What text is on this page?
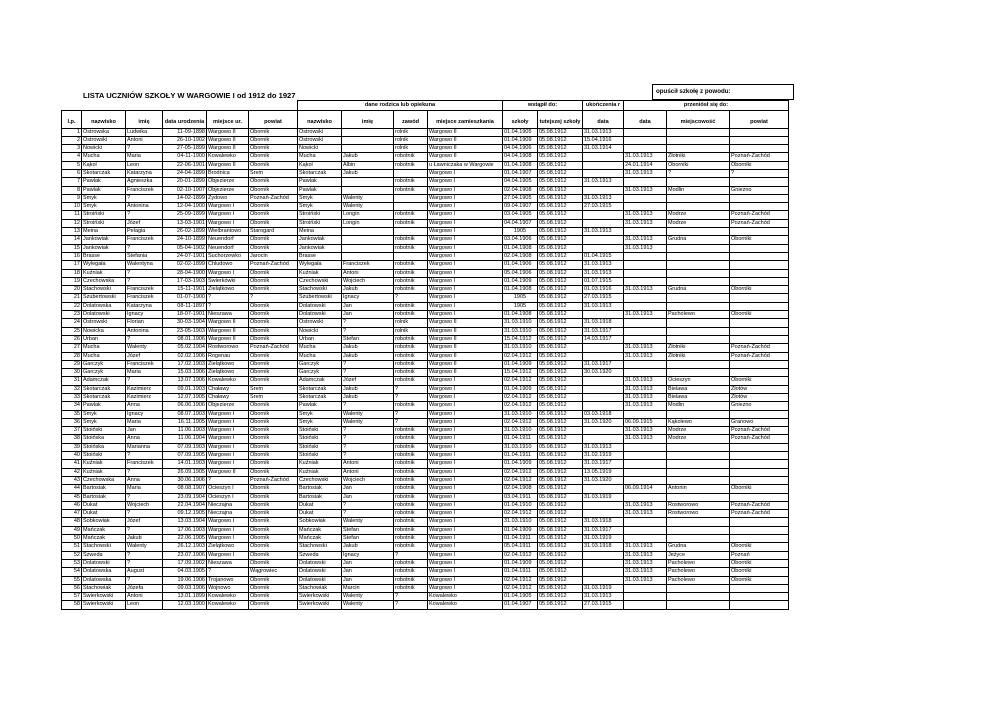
LISTA UCZNIÓW SZKOŁY W WARGOWIE I od 1912 do 1927	opuścił szkołę z powodu:
						dane rodzica lub opiekuna				wstąpił do:		ukończenia r	przeniósł się do:		
l.p.	nazwisko	imię	data urodzenia	miejsce ur.	powiat	nazwisko	imię	zawód	miejsce zamieszkania	szkoły	tutejszej szkoły	data	data	miejscowość	powiat
1	Ostrowska	Ludwika	11-09-1898	Wargowo II	Obornik	Ostrowski		rolnik	Wargowo II	01.04.1905	05.08.1912	31.03.1913			
2	Ostrowski	Antoni	26-10-1902	Wargowo II	Obornik	Ostrowski		rolnik	Wargowo II	01.04.1909	05.08.1912	15.04.1916			
3	Nowicki	?	27-05-1899	Wargowo II	Obornik	Nowicki		rolnik	Wargowo II	04.04.1906	05.08.1912	31.03.1914			
4	Mucha	Maria	04-11-1900	Kowalewko	Obornik	Mucha	Jakub	robotnik	Wargowo II	04.04.1908	05.08.1912		31.03.1913	Złotniki	Poznań-Zachód
5	Kąkol	Leon	22-06-1901	Wargowo II	Obornik	Kąkol	Albin	robotnik	u Ławniczaka w Wargowie	01.04.1908	05.08.1912		24.01.1914	Oborniki	Oborniki
6	Skotarczak	Katarzyna	24-04-1899	Brodnica	Śrem	Skotarczak	Jakub		Wargowo I	01.04.1907	05.08.1912		31.03.1913	?	?
7	Pawlak	Agnieszka	20-01-1899	Objezierze	Obornik	Pawlak		robotnik	Wargowo I	04.04.1905	05.08.1912	31.03.1913			
8	Pawlak	Franciszek	02-10-1907	Objezierze	Obornik	Pawlak		robotnik	Wargowo I	02.04.1908	05.08.1912		31.03.1913	Modlin	Gniezno
9	Smyk	?	14-02-1899	Żydowo	Poznań-Zachód	Smyk	Walenty		Wargowo I	27.04.1905	05.08.1912	31.03.1913			
10	Smyk	Antonina	12-04-1900	Wargowo I	Obornik	Smyk	Walenty		Wargowo I	09.04.1907	05.08.1912	27.03.1915			
11	Stroiński	?	25-09-1899	Wargowo I	Obornik	Stroiński	Longin	robotnik	Wargowo I	03.04.1905	05.08.1912		31.03.1913	Modrze	Poznań-Zachód
12	Stroiński	Józef	13-03-1901	Wargowo I	Obornik	Stroiński	Longin	robotnik	Wargowo I	04.04.1907	05.08.1912		31.03.1913	Modrze	Poznań-Zachód
13	Meina	Pelagia	26-02-1899	Wielbrantowo	Starogard	Meina			Wargowo I	1905	05.08.1912	31.03.1913			
14	Jankowiak	Franciszek	24-10-1899	Neuendorf	Obornik	Jankowiak		robotnik	Wargowo I	03.04.1906	05.08.1912		31.03.1913	Grudna	Oborniki
15	Jankowiak	?	05-04-1902	Neuendorf	Obornik	Jankowiak		robotnik	Wargowo I	01.04.1908	05.08.1912		31.03.1913		
16	Brasse	Stefania	24-07-1901	Suchorzewko	Jarocin	Brasse			Wargowo I	02.04.1908	05.08.1912	01.04.1915			
17	Wylegała	Walentyna	02-02-1899	Chludowo	Poznań-Zachód	Wylegała	Franciszek	robotnik	Wargowo I	01.04.1906	05.08.1912	31.03.1913			
18	Kuźniak	?	28-04-1900	Wargowo I	Obornik	Kuźniak	Antoni	robotnik	Wargowo I	05.04.1906	05.08.1912	31.03.1913			
19	Czechowska	?	17-03-1903	Świerkówki	Obornik	Czechowski	Wojciech	robotnik	Wargowo I	01.04.1909	05.08.1912	01.07.1915			
20	Stachowski	Franciszek	15-11-1901	Zielątkowo	Obornik	Stachowski	Jakub	robotnik	Wargowo I	01.04.1908	05.08.1912	01.03.1916	31.03.1913	Grudna	Oborniki
21	Szubertowski	Franciszek	01-07-1900	?	?	Szubertowski	Ignacy	?	Wargowo I	1905	05.08.1912	27.03.1915			
22	Dolatowska	Katarzyna	08-11-1897	?	Obornik	Dolatowski	Jan	robotnik	Wargowo I	1905	05.08.1912	31.03.1913			
23	Dolatowski	Ignacy	18-07-1901	Nieszawa	Obornik	Dolatowski	Jan	robotnik	Wargowo I	01.04.1908	05.08.1912		31.03.1913	Pacholewo	Oborniki
24	Ostrowski	Florian	30-03-1904	Wargowo II	Obornik	Ostrowski	?	rolnik	Wargowo II	31.03.1910	05.08.1912	31.03.1918			
25	Nowicka	Antonina	23-05-1903	Wargowo II	Obornik	Nowicki	?	rolnik	Wargowo II	31.03.1910	05.08.1912	31.03.1917			
26	Urban	?	08.01.1906	Wargowo II	Obornik	Urban	Stefan	robotnik	Wargowo II	15.04.1912	05.08.1912	14.03.1917			
27	Mucha	Walenty	05.02.1904	Rostworowo	Poznań-Zachód	Mucha	Jakub	robotnik	Wargowo II	31.03.1910	05.08.1912		31.03.1913	Złotniki	Poznań-Zachód
28	Mucha	Józef	02.02.1906	Rogenau	Obornik	Mucha	Jakub	robotnik	Wargowo II	02.04.1912	05.08.1912		31.03.1913	Złotniki	Poznań-Zachód
29	Garczyk	Franciszek	17.02.1903	Zielątkowo	Obornik	Garczyk	?	robotnik	Wargowo II	01.04.1909	05.08.1912	31.03.1917			
30	Garczyk	Maria	15.03.1906	Zielątkowo	Obornik	Garczyk	?	robotnik	Wargowo II	15.04.1912	05.08.1912	30.03.1920			
31	Adamczak	?	13.07.1906	Kowalewko	Obornik	Adamczak	Józef	robotnik	Wargowo I	02.04.1912	05.08.1912		31.03.1913	Ocieszyn	Oborniki
32	Skotarczak	Kazimierz	09.01.1903	Chaławy	Śrem	Skotarczak	Jakub	?	Wargowo I	01.04.1909	05.08.1912		31.03.1913	Bielawa	Złotów
33	Skotarczak	Kazimierz	12.07.1905	Chaławy	Śrem	Skotarczak	Jakub	?	Wargowo I	02.04.1912	05.08.1912		31.03.1913	Bielawa	Złotów
34	Pawlak	Anna	06.06.1906	Objezierze	Obornik	Pawlak	?	robotnik	Wargowo I	02.04.1912	05.08.1912		31.03.1913	Modlin	Gniezno
35	Smyk	Ignacy	08.07.1903	Wargowo I	Obornik	Smyk	Walenty	?	Wargowo I	31.03.1910	05.08.1912	03.03.1918			
36	Smyk	Maria	16.11.1905	Wargowo I	Obornik	Smyk	Walenty	?	Wargowo I	02.04.1912	05.08.1912	31.03.1920	06.09.1915	Kąkolewo	Granowo
37	Stoiński	Jan	11.06.1903	Wargowo I	Obornik	Stoiński	?	robotnik	Wargowo I	31.03.1910	05.08.1912		31.03.1913	Modrze	Poznań-Zachód
38	Stoińska	Anna	11.06.1904	Wargowo I	Obornik	Stoiński	?	robotnik	Wargowo I	01.04.1911	05.08.1912		31.03.1913	Modrze	Poznań-Zachód
39	Stoińska	Marianna	07.09.1903	Wargowo I	Obornik	Stoiński	?	robotnik	Wargowo I	31.03.1910	05.08.1912	31.03.1913			
40	Stoiński	?	07.09.1905	Wargowo I	Obornik	Stoiński	?	robotnik	Wargowo I	01.04.1911	05.08.1912	31.02.1919			
41	Kuźniak	Franciszek	14.01.1903	Wargowo I	Obornik	Kuźniak	Antoni	robotnik	Wargowo I	01.04.1909	05.08.1912	31.03.1917			
42	Kuźniak	?	26.09.1905	Wargowo II	Obornik	Kuźniak	Antoni	robotnik	Wargowo I	02.04.1912	05.08.1912	13.05.1919			
43	Czechowska	Anna	30.06.1906	?	Poznań-Zachód	Czechowski	Wojciech	robotnik	Wargowo I	02.04.1912	05.08.1912	31.03.1920			
44	Bartosiak	Maria	08.08.1907	Ocieszyn I	Obornik	Bartosiak	Jan	robotnik	Wargowo I	02.04.1908	05.08.1912		06.09.1914	Antonin	Oborniki
45	Bartosiak	?	23.09.1904	Ocieszyn I	Obornik	Bartosiak	Jan	robotnik	Wargowo I	03.04.1911	05.08.1912	31.03.1919			
46	Dukat	Wojciech	22.04.1904	Nieczajna	Obornik	Dukat	?	robotnik	Wargowo I	01.04.1910	05.08.1912		31.03.1913	Rostworowo	Poznań-Zachód
47	Dukat	?	09.12.1905	Nieczajna	Obornik	Dukat	?	robotnik	Wargowo I	02.04.1912	05.08.1912		31.03.1913	Rostworowo	Poznań-Zachód
48	Sobkowiak	Józef	13.03.1904	Wargowo I	Obornik	Sobkowiak	Walenty	robotnik	Wargowo I	31.03.1910	05.08.1912	31.03.1918			
49	Mańczak	?	17.06.1903	Wargowo I	Obornik	Mańczak	Stefan	robotnik	Wargowo I	01.04.1909	05.08.1912	31.03.1917			
50	Mańczak	Jakub	22.06.1905	Wargowo I	Obornik	Mańczak	Stefan	robotnik	Wargowo I	01.04.1911	05.08.1912	31.03.1919			
51	Stachowski	Walenty	26.12.1903	Zielątkowo	Obornik	Stachowski	Jakub	robotnik	Wargowo I	05.04.1911	05.08.1912	31.03.1918	31.03.1913	Grudna	Oborniki
52	Szweda	?	23.07.1906	Wargowo I	Obornik	Szweda	Ignacy	?	Wargowo I	02.04.1912	05.08.1912		31.03.1913	Jeżyce	Poznań
53	Dolatowski	?	17.09.1902	Nieszawa	Obornik	Dolatowski	Jan	robotnik	Wargowo I	01.04.1909	05.08.1912		31.03.1913	Pacholewo	Oborniki
54	Dolatowska	August	04.03.1905	?	Wągrowiec	Dolatowski	Jan	robotnik	Wargowo I	01.04.1911	05.08.1912		31.03.1913	Pacholewo	Oborniki
55	Dolatowska	?	19.06.1906	Trojanowo	Obornik	Dolatowski	Jan	robotnik	Wargowo I	02.04.1912	05.08.1912		31.03.1913	Pacholewo	Oborniki
56	Stachowiak	Józefa	09.03.1906	Wojnowo	Obornik	Stachowiak	Marcin	robotnik	Wargowo I	02.04.1912	05.08.1912	31.03.1919			
57	Swierkowski	Antoni	13.01.1899	Kowalewko	Obornik	Swierkowski	Walenty	?	Kowalewko	01.04.1905	05.08.1912	31.03.1913			
58	Swierkowski	Leon	12.03.1900	Kowalewko	Obornik	Swierkowski	Walenty	?	Kowalewko	01.04.1907	05.08.1912	27.03.1915			
